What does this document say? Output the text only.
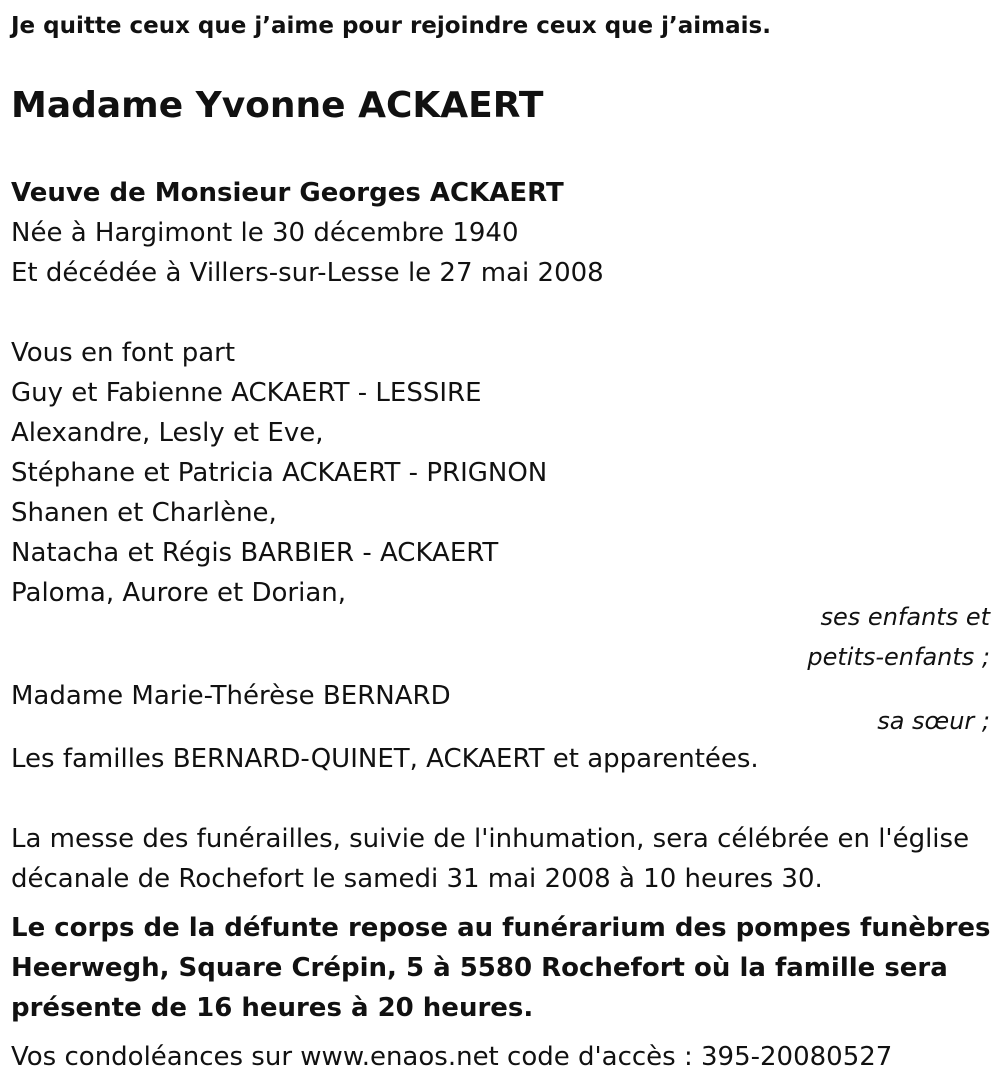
Je quitte ceux que j’aime pour rejoindre ceux que j’aimais.
Madame Yvonne ACKAERT
Veuve de Monsieur Georges ACKAERT
Née à Hargimont le 30 décembre 1940
Et décédée à Villers-sur-Lesse le 27 mai 2008
Vous en font part
Guy et Fabienne ACKAERT - LESSIRE
Alexandre, Lesly et Eve,
Stéphane et Patricia ACKAERT - PRIGNON
Shanen et Charlène,
Natacha et Régis BARBIER - ACKAERT
Paloma, Aurore et Dorian,
ses enfants et
petits-enfants ;
Madame Marie-Thérèse BERNARD
sa sœur ;
Les familles BERNARD-QUINET, ACKAERT et apparentées.
La messe des funérailles, suivie de l'inhumation, sera célébrée en l'église
décanale de Rochefort le samedi 31 mai 2008 à 10 heures 30.
Le corps de la défunte repose au funérarium des pompes funèbres
Heerwegh, Square Crépin, 5 à 5580 Rochefort où la famille sera
présente de 16 heures à 20 heures.
Vos condoléances sur www.enaos.net code d'accès : 395-20080527
